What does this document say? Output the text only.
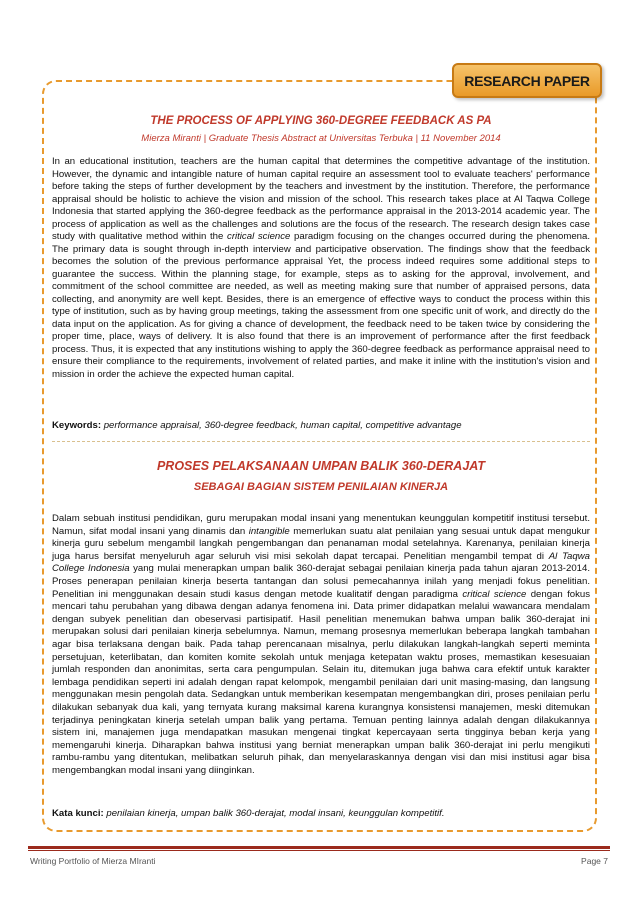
RESEARCH PAPER
THE PROCESS OF APPLYING 360-DEGREE FEEDBACK AS PA
Mierza Miranti | Graduate Thesis Abstract at Universitas Terbuka | 11 November 2014
In an educational institution, teachers are the human capital that determines the competitive advantage of the institution. However, the dynamic and intangible nature of human capital require an assessment tool to evaluate teachers' performance before taking the steps of further development by the teachers and investment by the institution. Therefore, the performance appraisal should be holistic to achieve the vision and mission of the school. This research takes place at Al Taqwa College Indonesia that started applying the 360-degree feedback as the performance appraisal in the 2013-2014 academic year. The process of application as well as the challenges and solutions are the focus of the research. The research design takes case study with qualitative method within the critical science paradigm focusing on the changes occurred during the phenomena. The primary data is sought through in-depth interview and participative observation. The findings show that the feedback becomes the solution of the previous performance appraisal Yet, the process indeed requires some additional steps to guarantee the success. Within the planning stage, for example, steps as to asking for the approval, involvement, and commitment of the school committee are needed, as well as meeting making sure that number of appraised persons, data collecting, and anonymity are well kept. Besides, there is an emergence of effective ways to conduct the process within this type of institution, such as by having group meetings, taking the assessment from one specific unit of work, and directly do the data input on the application. As for giving a chance of development, the feedback need to be taken twice by considering the proper time, place, ways of delivery. It is also found that there is an improvement of performance after the first feedback process. Thus, it is expected that any institutions wishing to apply the 360-degree feedback as performance appraisal need to ensure their compliance to the requirements, involvement of related parties, and make it inline with the institution's vision and mission in order the achieve the expected human capital.
Keywords: performance appraisal, 360-degree feedback, human capital, competitive advantage
PROSES PELAKSANAAN UMPAN BALIK 360-DERAJAT
SEBAGAI BAGIAN SISTEM PENILAIAN KINERJA
Dalam sebuah institusi pendidikan, guru merupakan modal insani yang menentukan keunggulan kompetitif institusi tersebut. Namun, sifat modal insani yang dinamis dan intangible memerlukan suatu alat penilaian yang sesuai untuk dapat mengukur kinerja guru sebelum mengambil langkah pengembangan dan penanaman modal setelahnya. Karenanya, penilaian kinerja juga harus bersifat menyeluruh agar seluruh visi misi sekolah dapat tercapai. Penelitian mengambil tempat di Al Taqwa College Indonesia yang mulai menerapkan umpan balik 360-derajat sebagai penilaian kinerja pada tahun ajaran 2013-2014. Proses penerapan penilaian kinerja beserta tantangan dan solusi pemecahannya inilah yang menjadi fokus penelitian. Penelitian ini menggunakan desain studi kasus dengan metode kualitatif dengan paradigma critical science dengan fokus mencari tahu perubahan yang dibawa dengan adanya fenomena ini. Data primer didapatkan melalui wawancara mendalam dengan subyek penelitian dan obeservasi partisipatif. Hasil penelitian menemukan bahwa umpan balik 360-derajat ini merupakan solusi dari penilaian kinerja sebelumnya. Namun, memang prosesnya memerlukan beberapa langkah tambahan agar bisa terlaksana dengan baik. Pada tahap perencanaan misalnya, perlu dilakukan langkah-langkah seperti meminta persetujuan, keterlibatan, dan komiten komite sekolah untuk menjaga ketepatan waktu proses, memastikan kesesuaian jumlah responden dan anonimitas, serta cara pengumpulan. Selain itu, ditemukan juga bahwa cara efektif untuk karakter lembaga pendidikan seperti ini adalah dengan rapat kelompok, mengambil penilaian dari unit masing-masing, dan langsung menggunakan mesin pengolah data. Sedangkan untuk memberikan kesempatan mengembangkan diri, proses penilaian perlu dilakukan sebanyak dua kali, yang ternyata kurang maksimal karena kurangnya konsistensi manajemen, meski ditemukan terjadinya peningkatan kinerja setelah umpan balik yang pertama. Temuan penting lainnya adalah dengan dilakukannya sistem ini, manajemen juga mendapatkan masukan mengenai tingkat kepercayaan serta tingginya beban kerja yang memengaruhi kinerja. Diharapkan bahwa institusi yang berniat menerapkan umpan balik 360-derajat ini perlu mengikuti rambu-rambu yang ditentukan, melibatkan seluruh pihak, dan menyelaraskannya dengan visi dan misi institusi agar bisa mengembangkan modal insani yang diinginkan.
Kata kunci: penilaian kinerja, umpan balik 360-derajat, modal insani, keunggulan kompetitif.
Writing Portfolio of Mierza MIranti	Page 7
